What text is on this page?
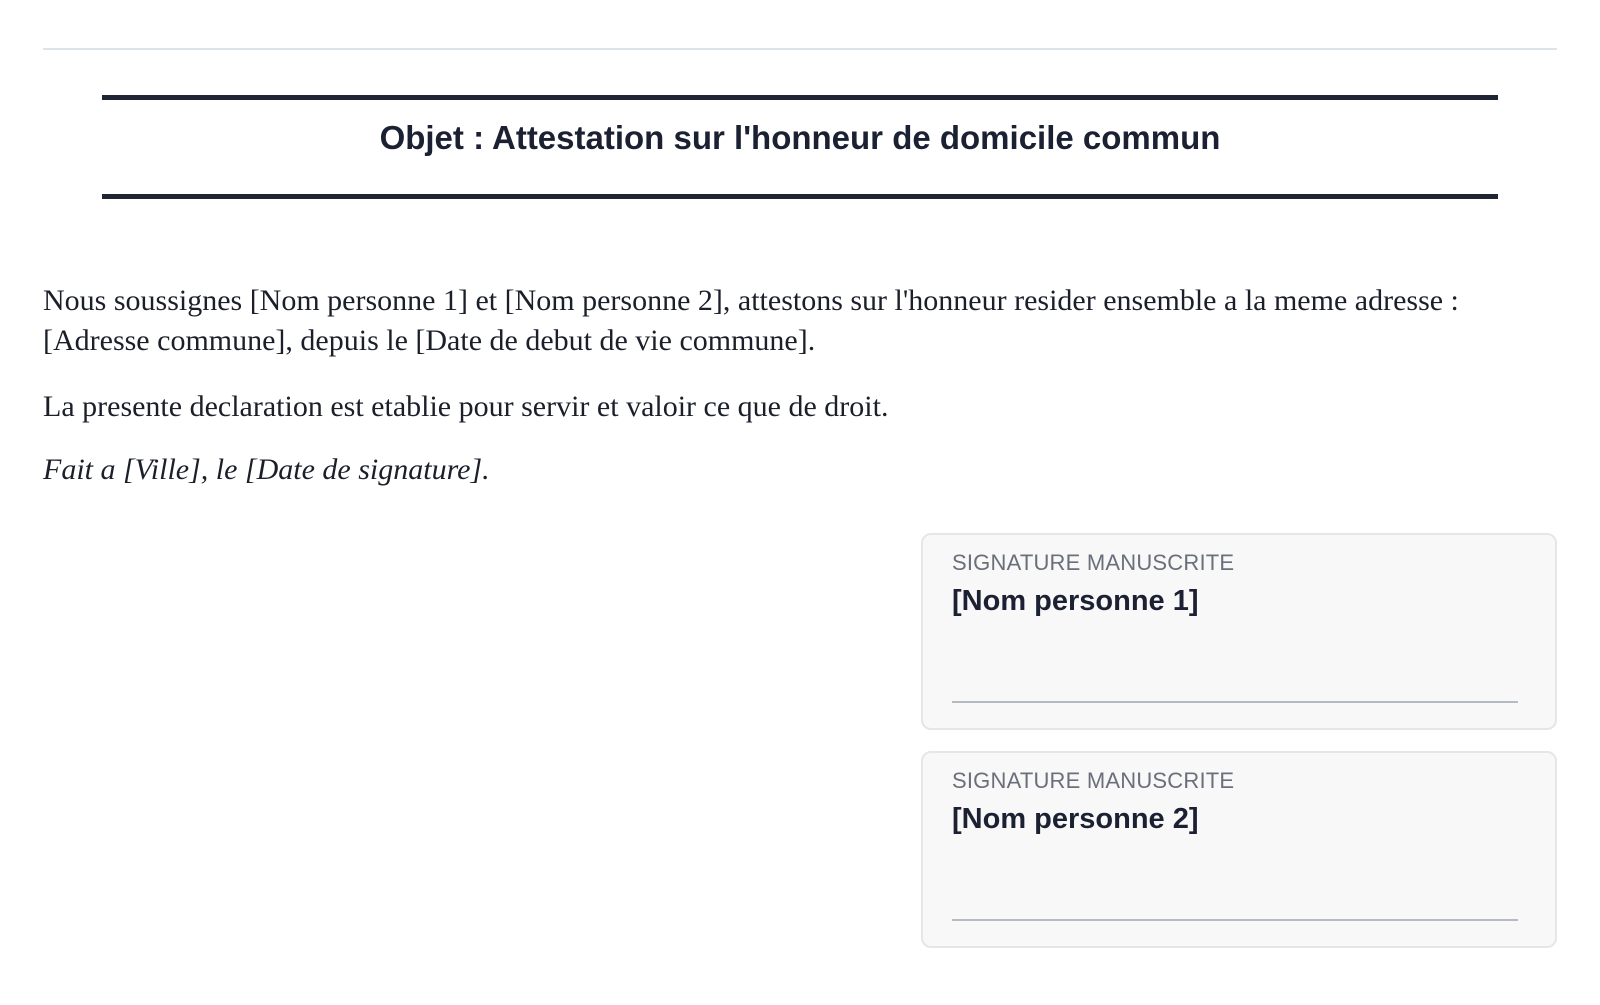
Objet : Attestation sur l'honneur de domicile commun

Nous soussignes [Nom personne 1] et [Nom personne 2], attestons sur l'honneur resider ensemble a la meme adresse : [Adresse commune], depuis le [Date de debut de vie commune].

La presente declaration est etablie pour servir et valoir ce que de droit.

Fait a [Ville], le [Date de signature].

SIGNATURE MANUSCRITE
[Nom personne 1]
SIGNATURE MANUSCRITE
[Nom personne 2]
